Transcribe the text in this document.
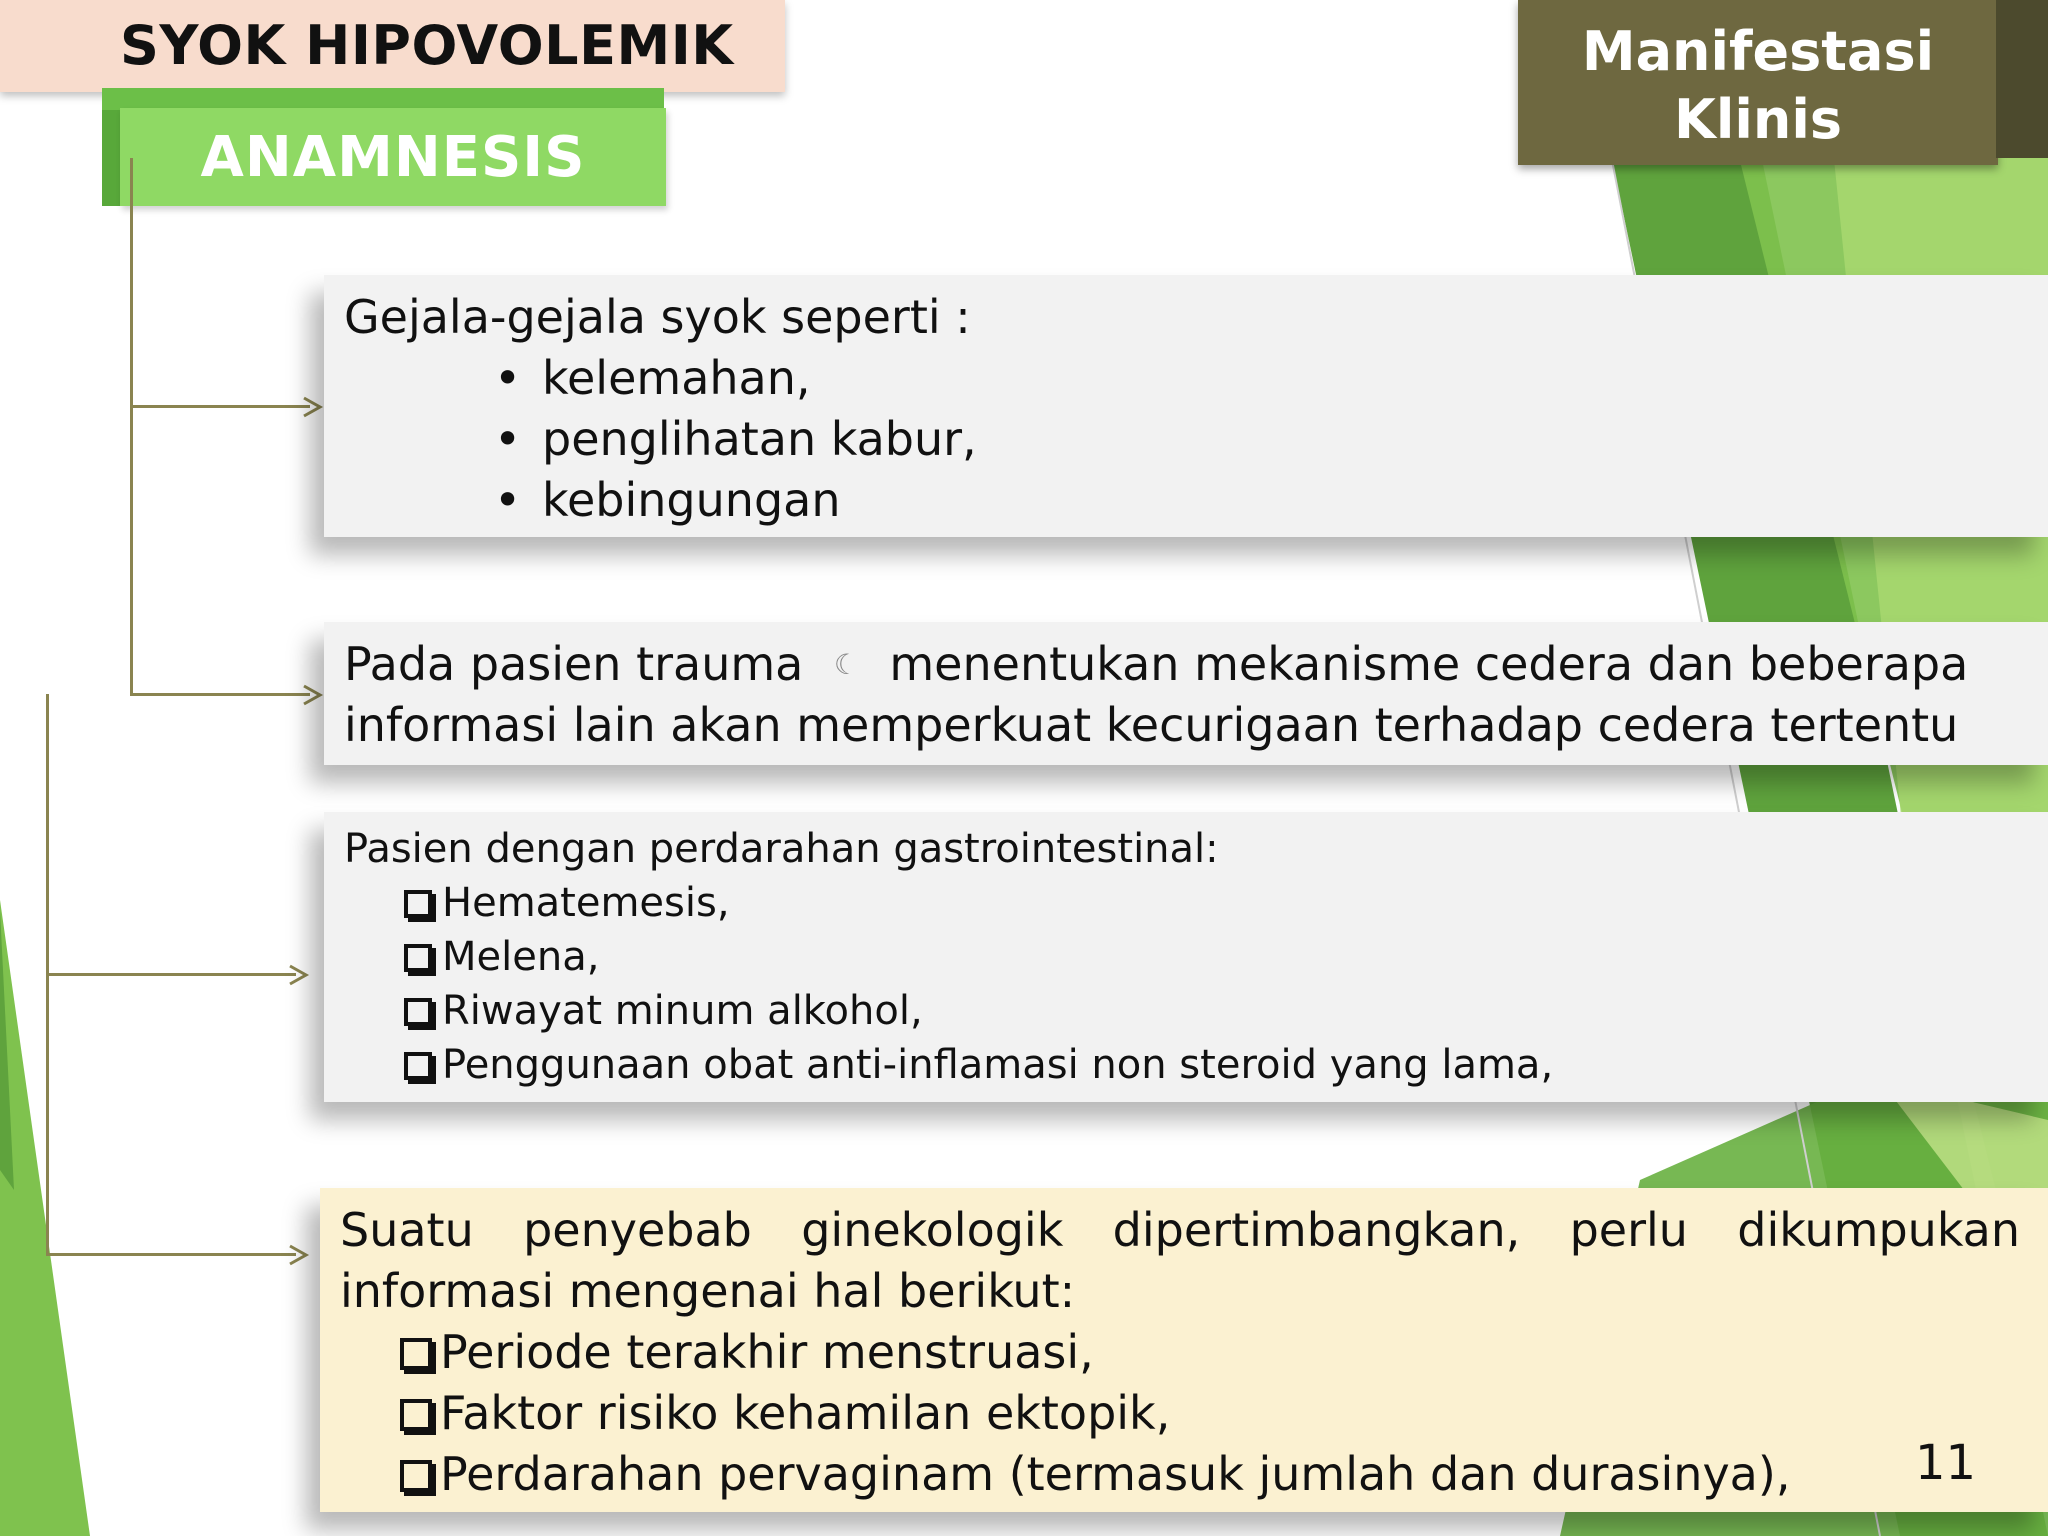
SYOK HIPOVOLEMIK
ANAMNESIS
Manifestasi
Klinis
Gejala-gejala syok seperti :
• kelemahan,
• penglihatan kabur,
• kebingungan
Pada pasien trauma ☾ menentukan mekanisme cedera dan beberapa
informasi lain akan memperkuat kecurigaan terhadap cedera tertentu
Pasien dengan perdarahan gastrointestinal:
Hematemesis,
Melena,
Riwayat minum alkohol,
Penggunaan obat anti-inflamasi non steroid yang lama,
Suatu penyebab ginekologik dipertimbangkan, perlu dikumpukan
informasi mengenai hal berikut:
Periode terakhir menstruasi,
Faktor risiko kehamilan ektopik,
Perdarahan pervaginam (termasuk jumlah dan durasinya),	11
